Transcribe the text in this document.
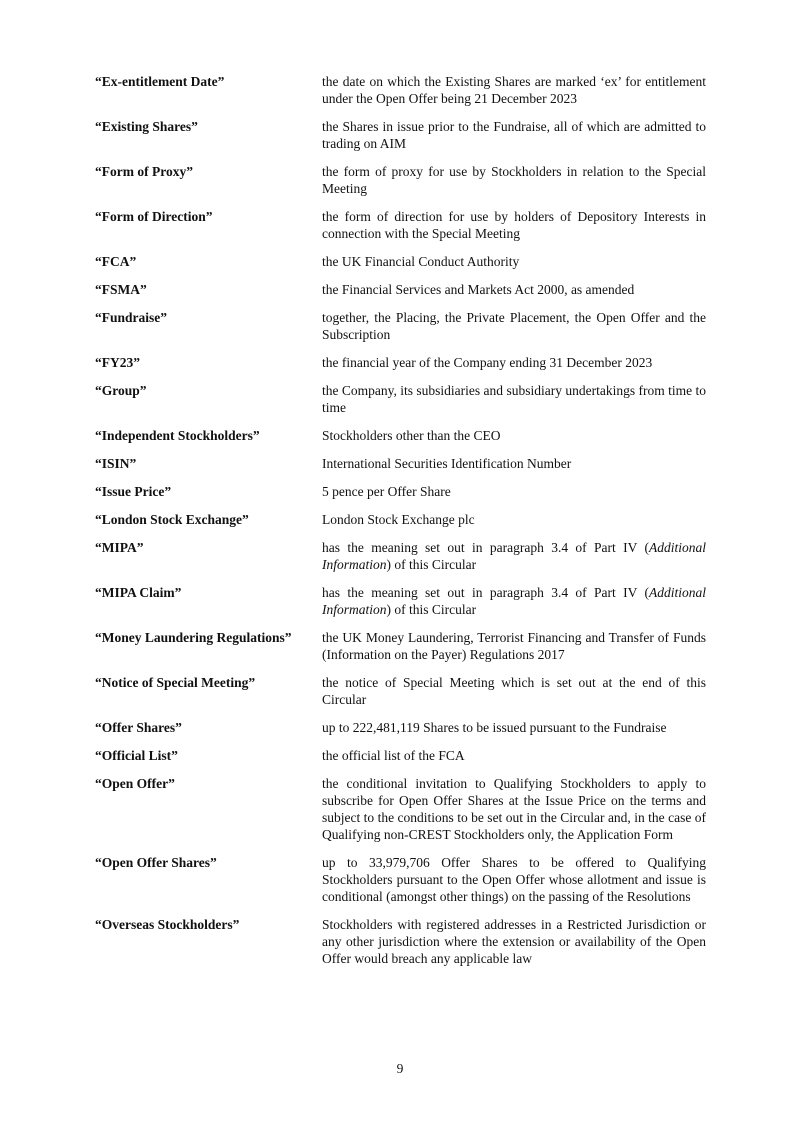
“Ex-entitlement Date”	the date on which the Existing Shares are marked ‘ex’ for entitlement under the Open Offer being 21 December 2023
“Existing Shares”	the Shares in issue prior to the Fundraise, all of which are admitted to trading on AIM
“Form of Proxy”	the form of proxy for use by Stockholders in relation to the Special Meeting
“Form of Direction”	the form of direction for use by holders of Depository Interests in connection with the Special Meeting
“FCA”	the UK Financial Conduct Authority
“FSMA”	the Financial Services and Markets Act 2000, as amended
“Fundraise”	together, the Placing, the Private Placement, the Open Offer and the Subscription
“FY23”	the financial year of the Company ending 31 December 2023
“Group”	the Company, its subsidiaries and subsidiary undertakings from time to time
“Independent Stockholders”	Stockholders other than the CEO
“ISIN”	International Securities Identification Number
“Issue Price”	5 pence per Offer Share
“London Stock Exchange”	London Stock Exchange plc
“MIPA”	has the meaning set out in paragraph 3.4 of Part IV (Additional Information) of this Circular
“MIPA Claim”	has the meaning set out in paragraph 3.4 of Part IV (Additional Information) of this Circular
“Money Laundering Regulations”	the UK Money Laundering, Terrorist Financing and Transfer of Funds (Information on the Payer) Regulations 2017
“Notice of Special Meeting”	the notice of Special Meeting which is set out at the end of this Circular
“Offer Shares”	up to 222,481,119 Shares to be issued pursuant to the Fundraise
“Official List”	the official list of the FCA
“Open Offer”	the conditional invitation to Qualifying Stockholders to apply to subscribe for Open Offer Shares at the Issue Price on the terms and subject to the conditions to be set out in the Circular and, in the case of Qualifying non-CREST Stockholders only, the Application Form
“Open Offer Shares”	up to 33,979,706 Offer Shares to be offered to Qualifying Stockholders pursuant to the Open Offer whose allotment and issue is conditional (amongst other things) on the passing of the Resolutions
“Overseas Stockholders”	Stockholders with registered addresses in a Restricted Jurisdiction or any other jurisdiction where the extension or availability of the Open Offer would breach any applicable law
9
